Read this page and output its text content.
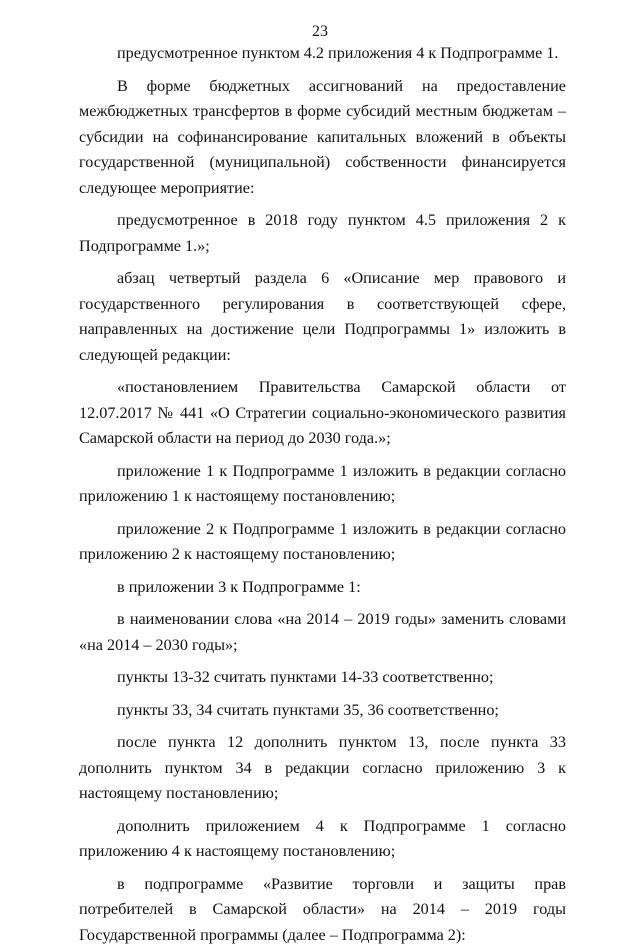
23

предусмотренное пунктом 4.2 приложения 4 к Подпрограмме 1.

В форме бюджетных ассигнований на предоставление межбюджетных трансфертов в форме субсидий местным бюджетам – субсидии на софинансирование капитальных вложений в объекты государственной (муниципальной) собственности финансируется следующее мероприятие:

предусмотренное в 2018 году пунктом 4.5 приложения 2 к Подпрограмме 1.»;

абзац четвертый раздела 6 «Описание мер правового и государственного регулирования в соответствующей сфере, направленных на достижение цели Подпрограммы 1» изложить в следующей редакции:

«постановлением Правительства Самарской области от 12.07.2017 № 441 «О Стратегии социально-экономического развития Самарской области на период до 2030 года.»;

приложение 1 к Подпрограмме 1 изложить в редакции согласно приложению 1 к настоящему постановлению;

приложение 2 к Подпрограмме 1 изложить в редакции согласно приложению 2 к настоящему постановлению;

в приложении 3 к Подпрограмме 1:

в наименовании слова «на 2014 – 2019 годы» заменить словами «на 2014 – 2030 годы»;

пункты 13-32 считать пунктами 14-33 соответственно;

пункты 33, 34 считать пунктами 35, 36 соответственно;

после пункта 12 дополнить пунктом 13, после пункта 33 дополнить пунктом 34 в редакции согласно приложению 3 к настоящему постановлению;

дополнить приложением 4 к Подпрограмме 1 согласно приложению 4 к настоящему постановлению;

в подпрограмме «Развитие торговли и защиты прав потребителей в Самарской области» на 2014 – 2019 годы Государственной программы (далее – Подпрограмма 2):
